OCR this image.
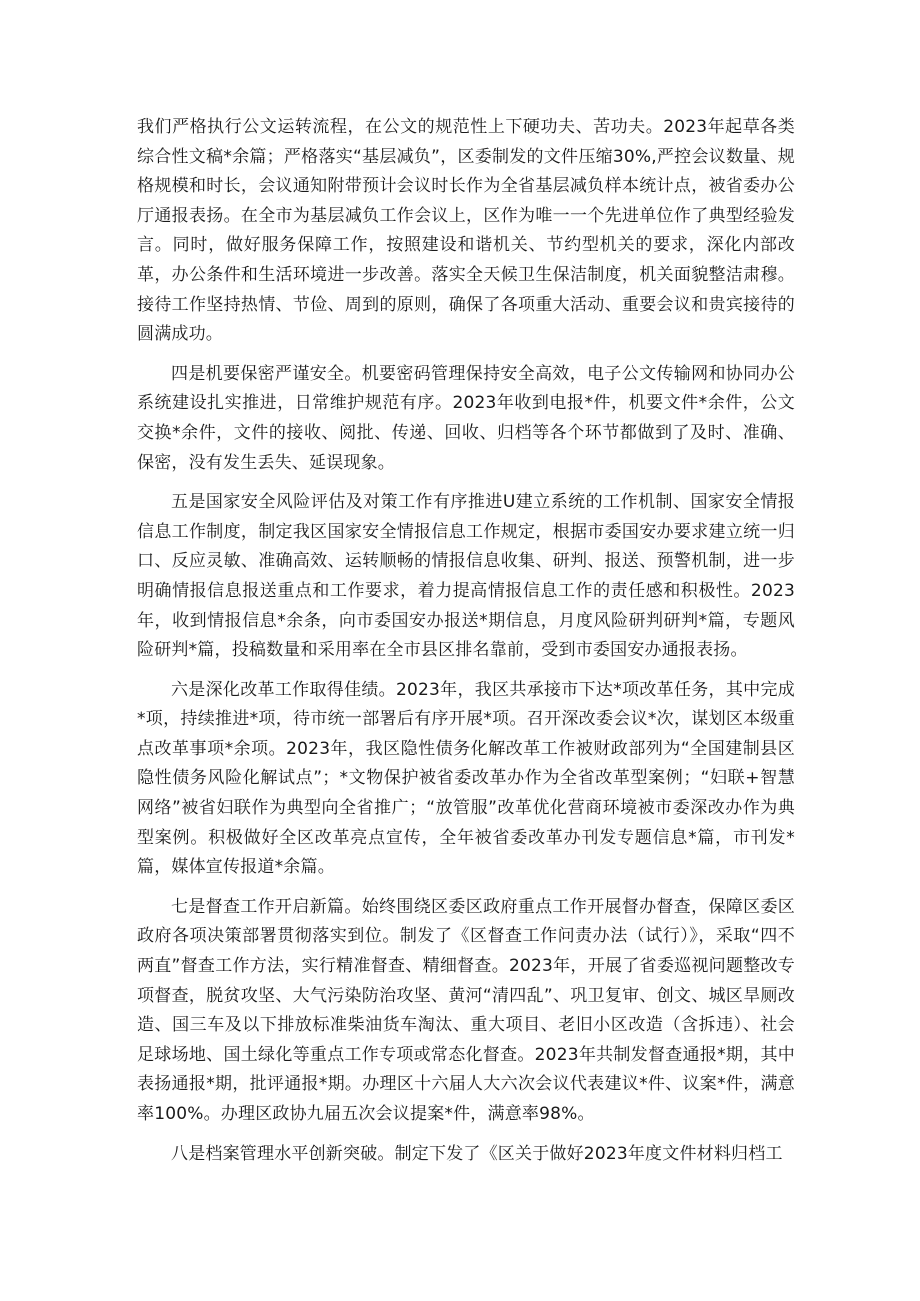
我们严格执行公文运转流程，在公文的规范性上下硬功夫、苦功夫。2023年起草各类综合性文稿*余篇；严格落实“基层减负”，区委制发的文件压缩30%,严控会议数量、规格规模和时长，会议通知附带预计会议时长作为全省基层减负样本统计点，被省委办公厅通报表扬。在全市为基层减负工作会议上，区作为唯一一个先进单位作了典型经验发言。同时，做好服务保障工作，按照建设和谐机关、节约型机关的要求，深化内部改革，办公条件和生活环境进一步改善。落实全天候卫生保洁制度，机关面貌整洁肃穆。接待工作坚持热情、节俭、周到的原则，确保了各项重大活动、重要会议和贵宾接待的圆满成功。

四是机要保密严谨安全。机要密码管理保持安全高效，电子公文传输网和协同办公系统建设扎实推进，日常维护规范有序。2023年收到电报*件，机要文件*余件，公文交换*余件，文件的接收、阅批、传递、回收、归档等各个环节都做到了及时、准确、保密，没有发生丢失、延误现象。

五是国家安全风险评估及对策工作有序推进U建立系统的工作机制、国家安全情报信息工作制度，制定我区国家安全情报信息工作规定，根据市委国安办要求建立统一归口、反应灵敏、准确高效、运转顺畅的情报信息收集、研判、报送、预警机制，进一步明确情报信息报送重点和工作要求，着力提高情报信息工作的责任感和积极性。2023年，收到情报信息*余条，向市委国安办报送*期信息，月度风险研判研判*篇，专题风险研判*篇，投稿数量和采用率在全市县区排名靠前，受到市委国安办通报表扬。

六是深化改革工作取得佳绩。2023年，我区共承接市下达*项改革任务，其中完成*项，持续推进*项，待市统一部署后有序开展*项。召开深改委会议*次，谋划区本级重点改革事项*余项。2023年，我区隐性债务化解改革工作被财政部列为“全国建制县区隐性债务风险化解试点”；*文物保护被省委改革办作为全省改革型案例；“妇联+智慧网络”被省妇联作为典型向全省推广；“放管服”改革优化营商环境被市委深改办作为典型案例。积极做好全区改革亮点宣传，全年被省委改革办刊发专题信息*篇，市刊发*篇，媒体宣传报道*余篇。

七是督查工作开启新篇。始终围绕区委区政府重点工作开展督办督查，保障区委区政府各项决策部署贯彻落实到位。制发了《区督查工作问责办法（试行）》，采取“四不两直”督查工作方法，实行精准督查、精细督查。2023年，开展了省委巡视问题整改专项督查，脱贫攻坚、大气污染防治攻坚、黄河“清四乱”、巩卫复审、创文、城区旱厕改造、国三车及以下排放标准柴油货车淘汰、重大项目、老旧小区改造（含拆违）、社会足球场地、国土绿化等重点工作专项或常态化督查。2023年共制发督查通报*期，其中表扬通报*期，批评通报*期。办理区十六届人大六次会议代表建议*件、议案*件，满意率100%。办理区政协九届五次会议提案*件，满意率98%。

八是档案管理水平创新突破。制定下发了《区关于做好2023年度文件材料归档工
